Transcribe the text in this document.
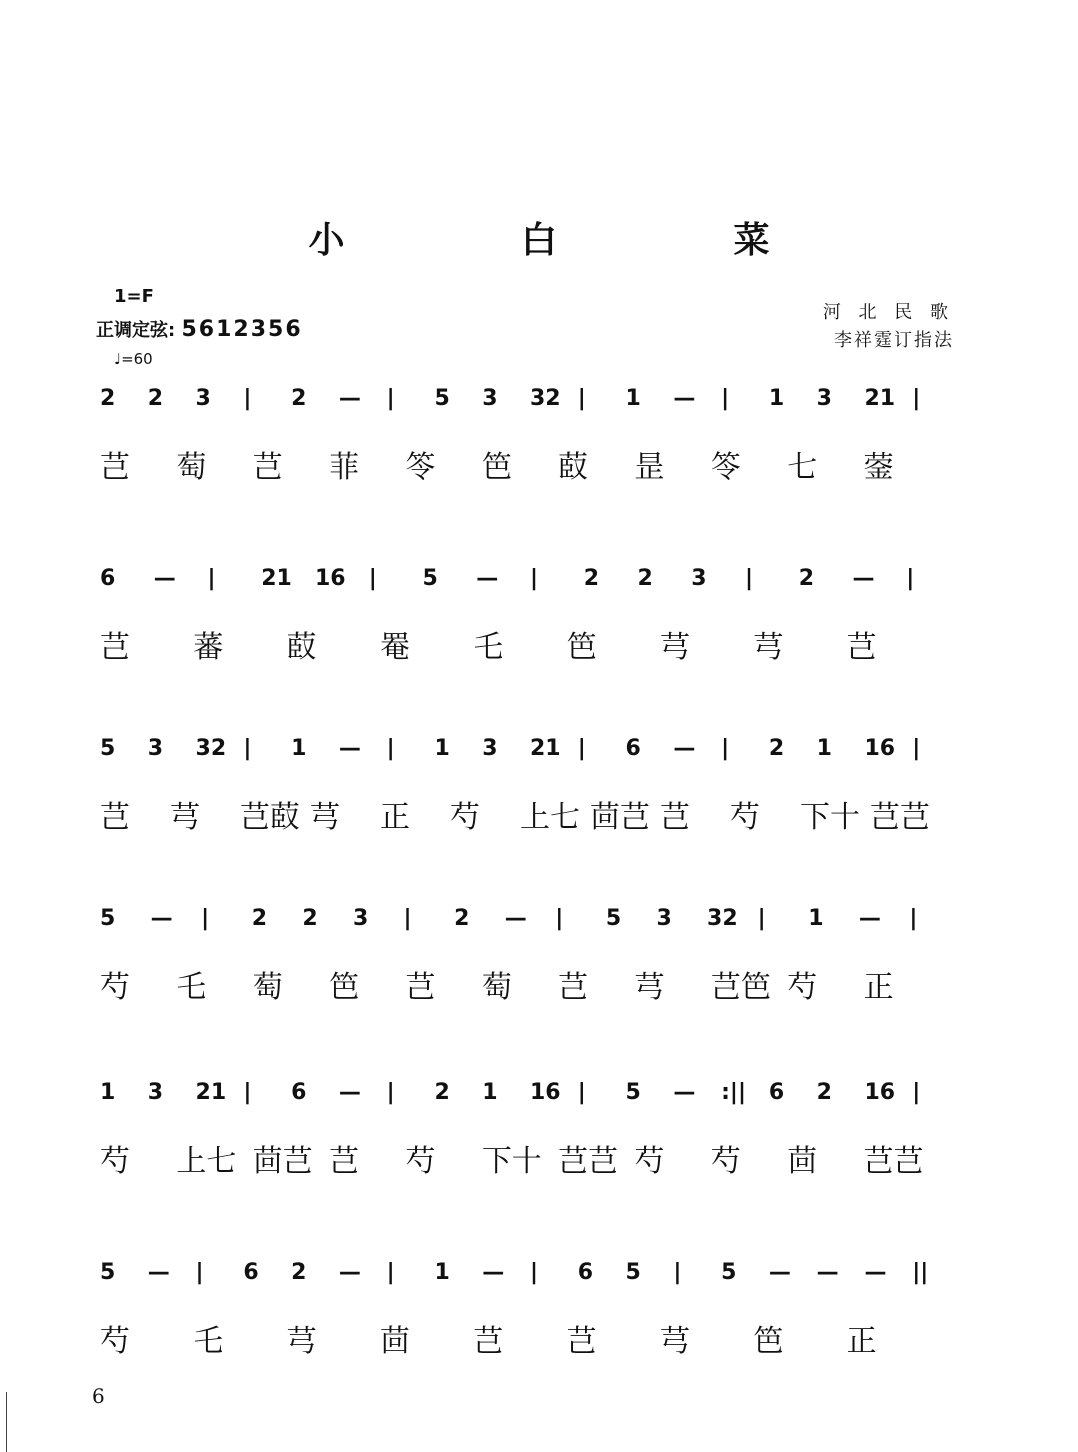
小 白 菜
1=F
正调定弦: 5612356
♩=60
河 北 民 歌
李祥霆订指法
2 2 3 | 2 — | 5 3 32 | 1 — | 1 3 21 |
芑 萄 芑 菲 笭 笆 菣 昰 笭 七 蓥
6 — | 21 16 | 5 — | 2 2 3 | 2 — |
芑 蕃 菣 罨 乇 笆 芎 芎 芑
5 3 32 | 1 — | 1 3 21 | 6 — | 2 1 16 |
芑 芎 芑菣 芎 正 芍 上七 茴芑 芑 芍 下十 芑芑
5 — | 2 2 3 | 2 — | 5 3 32 | 1 — |
芍 乇 萄 笆 芑 萄 芑 芎 芑笆 芍 正
1 3 21 | 6 — | 2 1 16 | 5 — :|| 6 2 16 |
芍 上七 茴芑 芑 芍 下十 芑芑 芍 芍 茴 芑芑
5 — | 6 2 — | 1 — | 6 5 | 5 — — — ||
芍 乇 芎 茴 芑 芑 芎 笆 正
6
